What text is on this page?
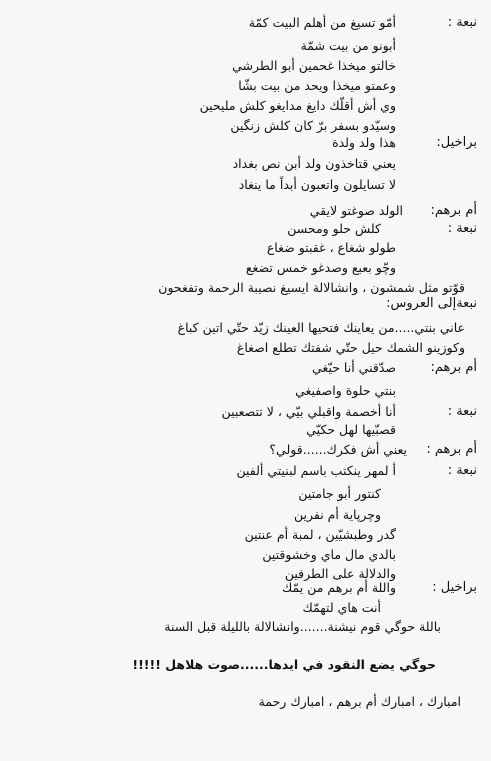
نبعة :
براخيل:
أم برهم:
نبعة :
نبعةإلى العروس:
أم برهم:
نبعة :
أم برهم :
نبعة :
براخيل :
أمّو تسيغ من أهلم البيت كمّة
أبونو من بيت شمّة
خالتو ميخذا غحمين أبو الطرشي
وعمتو ميخذا ويحد من بيت بشّا
وي أش أقلّك دايغ مدايغو كلش مليحين
وسيّدو بسفر برّ كان كلش زنگين
هذا ولد ولدة
يعني قتاخذون ولد أبن نص بغداد
لا تسايلون واتعبون أبداً ما ينغاد
الولد صوغتو لايقي
كلش حلو ومحسن
طولو شغاع ، غقبتو ضغاع
وچّو بعبع وصدغو خمس تضغع
قوّتو مثل شمشون ، وانشالالة ايسيغ نصيبة الرحمة وتفغحون
عاني بنتي.....من يعاينك فتحيها العينك زيّد حتّي اتين كباغ
وكوزينو الشمك حيل حتّي شفتك تطلع اصغاغ
صدّقني أنا حيّغي
بنتي حلوة واصفيغي
أنا أخصمة واقبلي بيّي ، لا تتصعبين
قصبّيها لهل حكيّي
يعني أش فكرك......قولي؟
أ لمهر ينكتب باسم لبنيتي ألفين
كنتور أبو جامتين
وچرپاية أم نفرين
گدر وطبشيّين ، لمبة أم عنتين
بالدي مال ماي وخشوقتين
والدلالة على الطرفين
واللة أم برهم من يمّك
أنت هاي لتهمّك
باللة حوگي قوم نيشنة.......وانشالالة بالليلة قبل السنة
حوگي يضع النقود في ايدها......صوت هلاهل !!!!!
امبارك ، امبارك أم برهم ، امبارك رحمة
